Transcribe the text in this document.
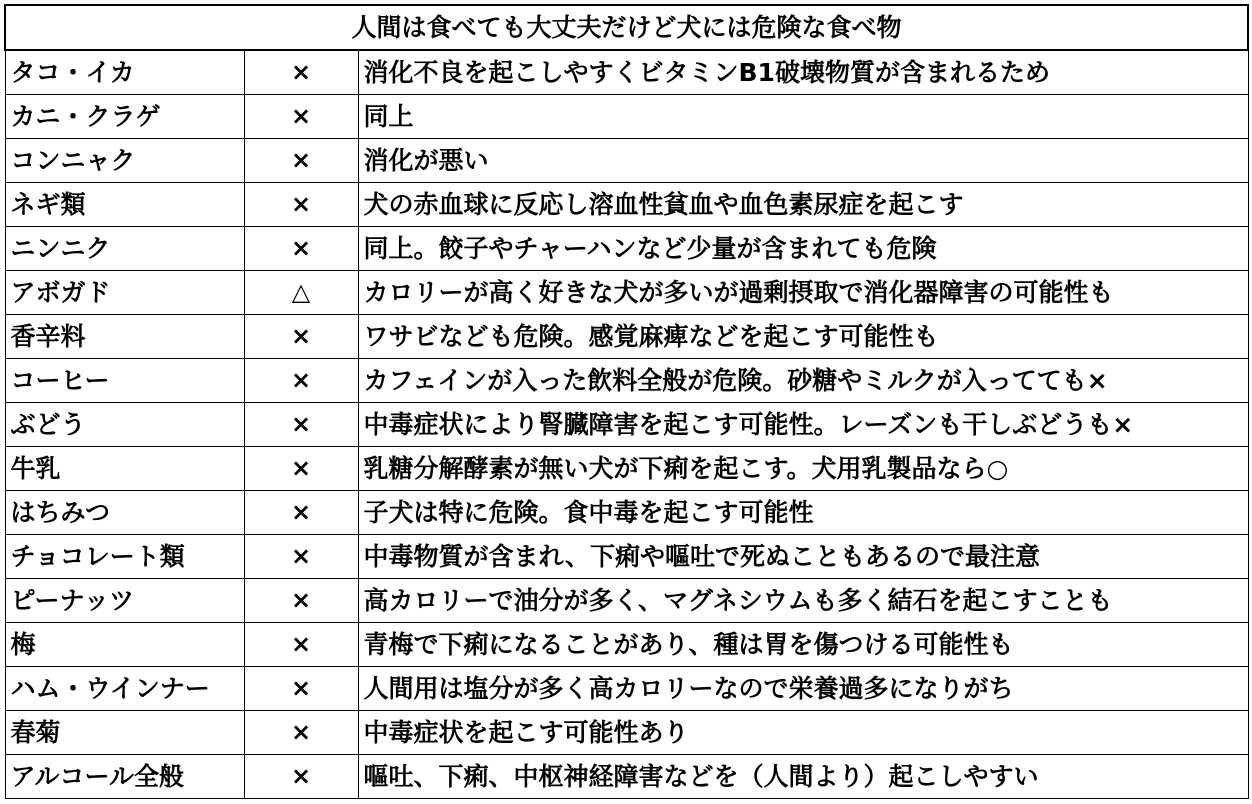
人間は食べても大丈夫だけど犬には危険な食べ物		
タコ・イカ	×	消化不良を起こしやすくビタミンB1破壊物質が含まれるため
カニ・クラゲ	×	同上
コンニャク	×	消化が悪い
ネギ類	×	犬の赤血球に反応し溶血性貧血や血色素尿症を起こす
ニンニク	×	同上。餃子やチャーハンなど少量が含まれても危険
アボガド	△	カロリーが高く好きな犬が多いが過剰摂取で消化器障害の可能性も
香辛料	×	ワサビなども危険。感覚麻痺などを起こす可能性も
コーヒー	×	カフェインが入った飲料全般が危険。砂糖やミルクが入ってても×
ぶどう	×	中毒症状により腎臓障害を起こす可能性。レーズンも干しぶどうも×
牛乳	×	乳糖分解酵素が無い犬が下痢を起こす。犬用乳製品なら○
はちみつ	×	子犬は特に危険。食中毒を起こす可能性
チョコレート類	×	中毒物質が含まれ、下痢や嘔吐で死ぬこともあるので最注意
ピーナッツ	×	高カロリーで油分が多く、マグネシウムも多く結石を起こすことも
梅	×	青梅で下痢になることがあり、種は胃を傷つける可能性も
ハム・ウインナー	×	人間用は塩分が多く高カロリーなので栄養過多になりがち
春菊	×	中毒症状を起こす可能性あり
アルコール全般	×	嘔吐、下痢、中枢神経障害などを（人間より）起こしやすい
